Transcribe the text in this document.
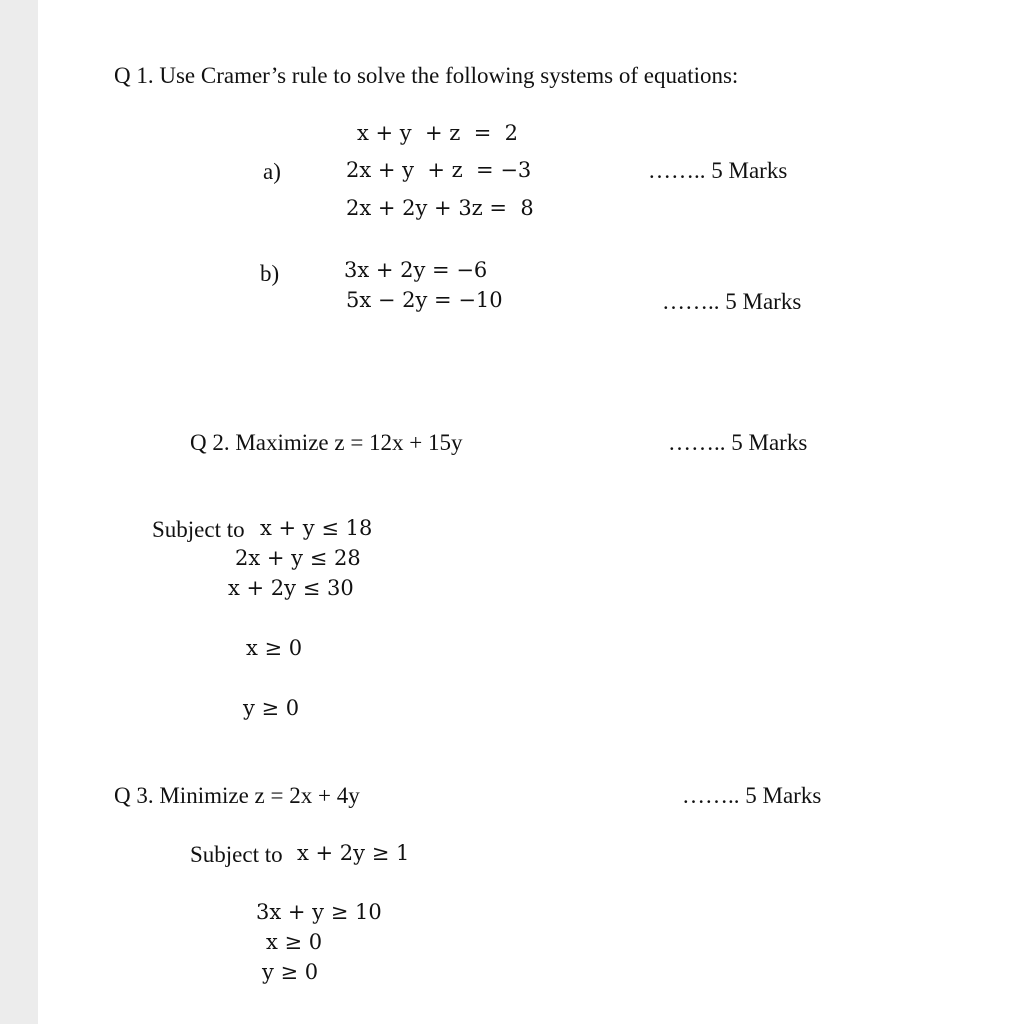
Q 1. Use Cramer’s rule to solve the following systems of equations:
a)
x + y  + z  =  2
2x + y  + z  = −3
2x + 2y + 3z =  8
…….. 5 Marks
b)	3x + 2y = −6
5x − 2y = −10	…….. 5 Marks
Q 2. Maximize z = 12x + 15y	…….. 5 Marks
Subject to x + y ≤ 18
2x + y ≤ 28
x + 2y ≤ 30
x ≥ 0
y ≥ 0
Q 3. Minimize z = 2x + 4y	…….. 5 Marks
Subject to x + 2y ≥ 1
3x + y ≥ 10
x ≥ 0
y ≥ 0
